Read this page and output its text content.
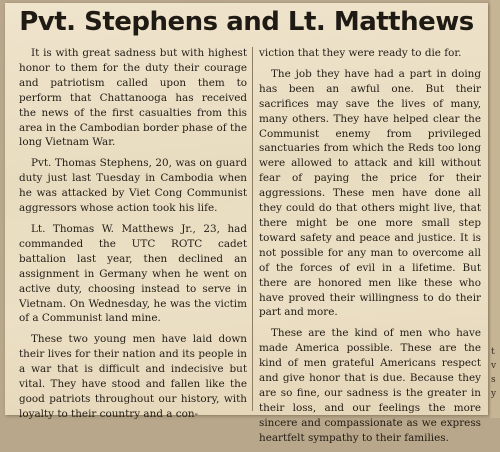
t
v
s
y
Pvt. Stephens and Lt. Matthews

It is with great sadness but with highest honor to them for the duty their courage and patriotism called upon them to perform that Chattanooga has received the news of the first casualties from this area in the Cambodian border phase of the long Vietnam War.

Pvt. Thomas Stephens, 20, was on guard duty just last Tuesday in Cambodia when he was attacked by Viet Cong Communist aggressors whose action took his life.

Lt. Thomas W. Matthews Jr., 23, had commanded the UTC ROTC cadet battalion last year, then declined an assignment in Germany when he went on active duty, choosing instead to serve in Vietnam. On Wednesday, he was the victim of a Communist land mine.

These two young men have laid down their lives for their nation and its people in a war that is difficult and indecisive but vital. They have stood and fallen like the good patriots throughout our history, with loyalty to their country and a con-

viction that they were ready to die for.

The job they have had a part in doing has been an awful one. But their sacrifices may save the lives of many, many others. They have helped clear the Communist enemy from privileged sanctuaries from which the Reds too long were allowed to attack and kill without fear of paying the price for their aggressions. These men have done all they could do that others might live, that there might be one more small step toward safety and peace and justice. It is not possible for any man to overcome all of the forces of evil in a lifetime. But there are honored men like these who have proved their willingness to do their part and more.

These are the kind of men who have made America possible. These are the kind of men grateful Americans respect and give honor that is due. Because they are so fine, our sadness is the greater in their loss, and our feelings the more sincere and compassionate as we express heartfelt sympathy to their families.
